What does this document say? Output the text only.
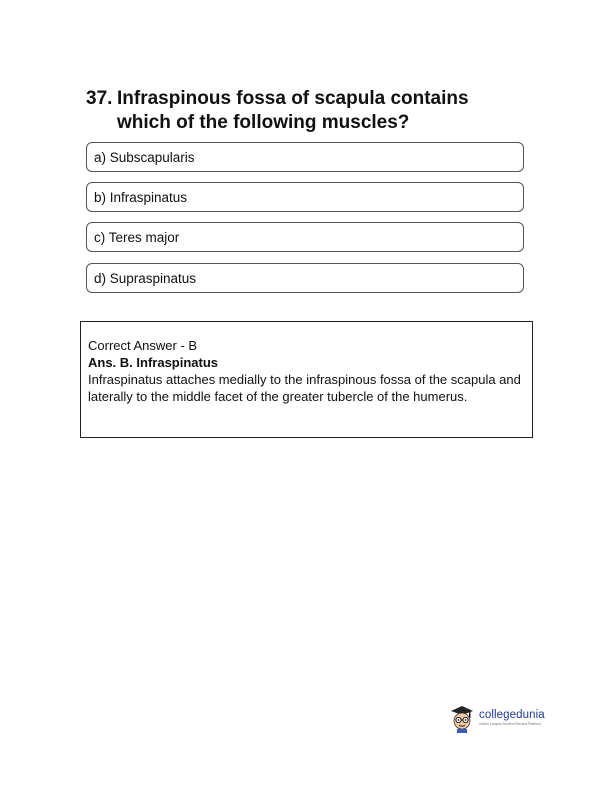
37. Infraspinous fossa of scapula contains which of the following muscles?
a) Subscapularis
b) Infraspinatus
c) Teres major
d) Supraspinatus
Correct Answer - B
Ans. B. Infraspinatus
Infraspinatus attaches medially to the infraspinous fossa of the scapula and laterally to the middle facet of the greater tubercle of the humerus.
collegedunia
India's Largest Student Review Platform
